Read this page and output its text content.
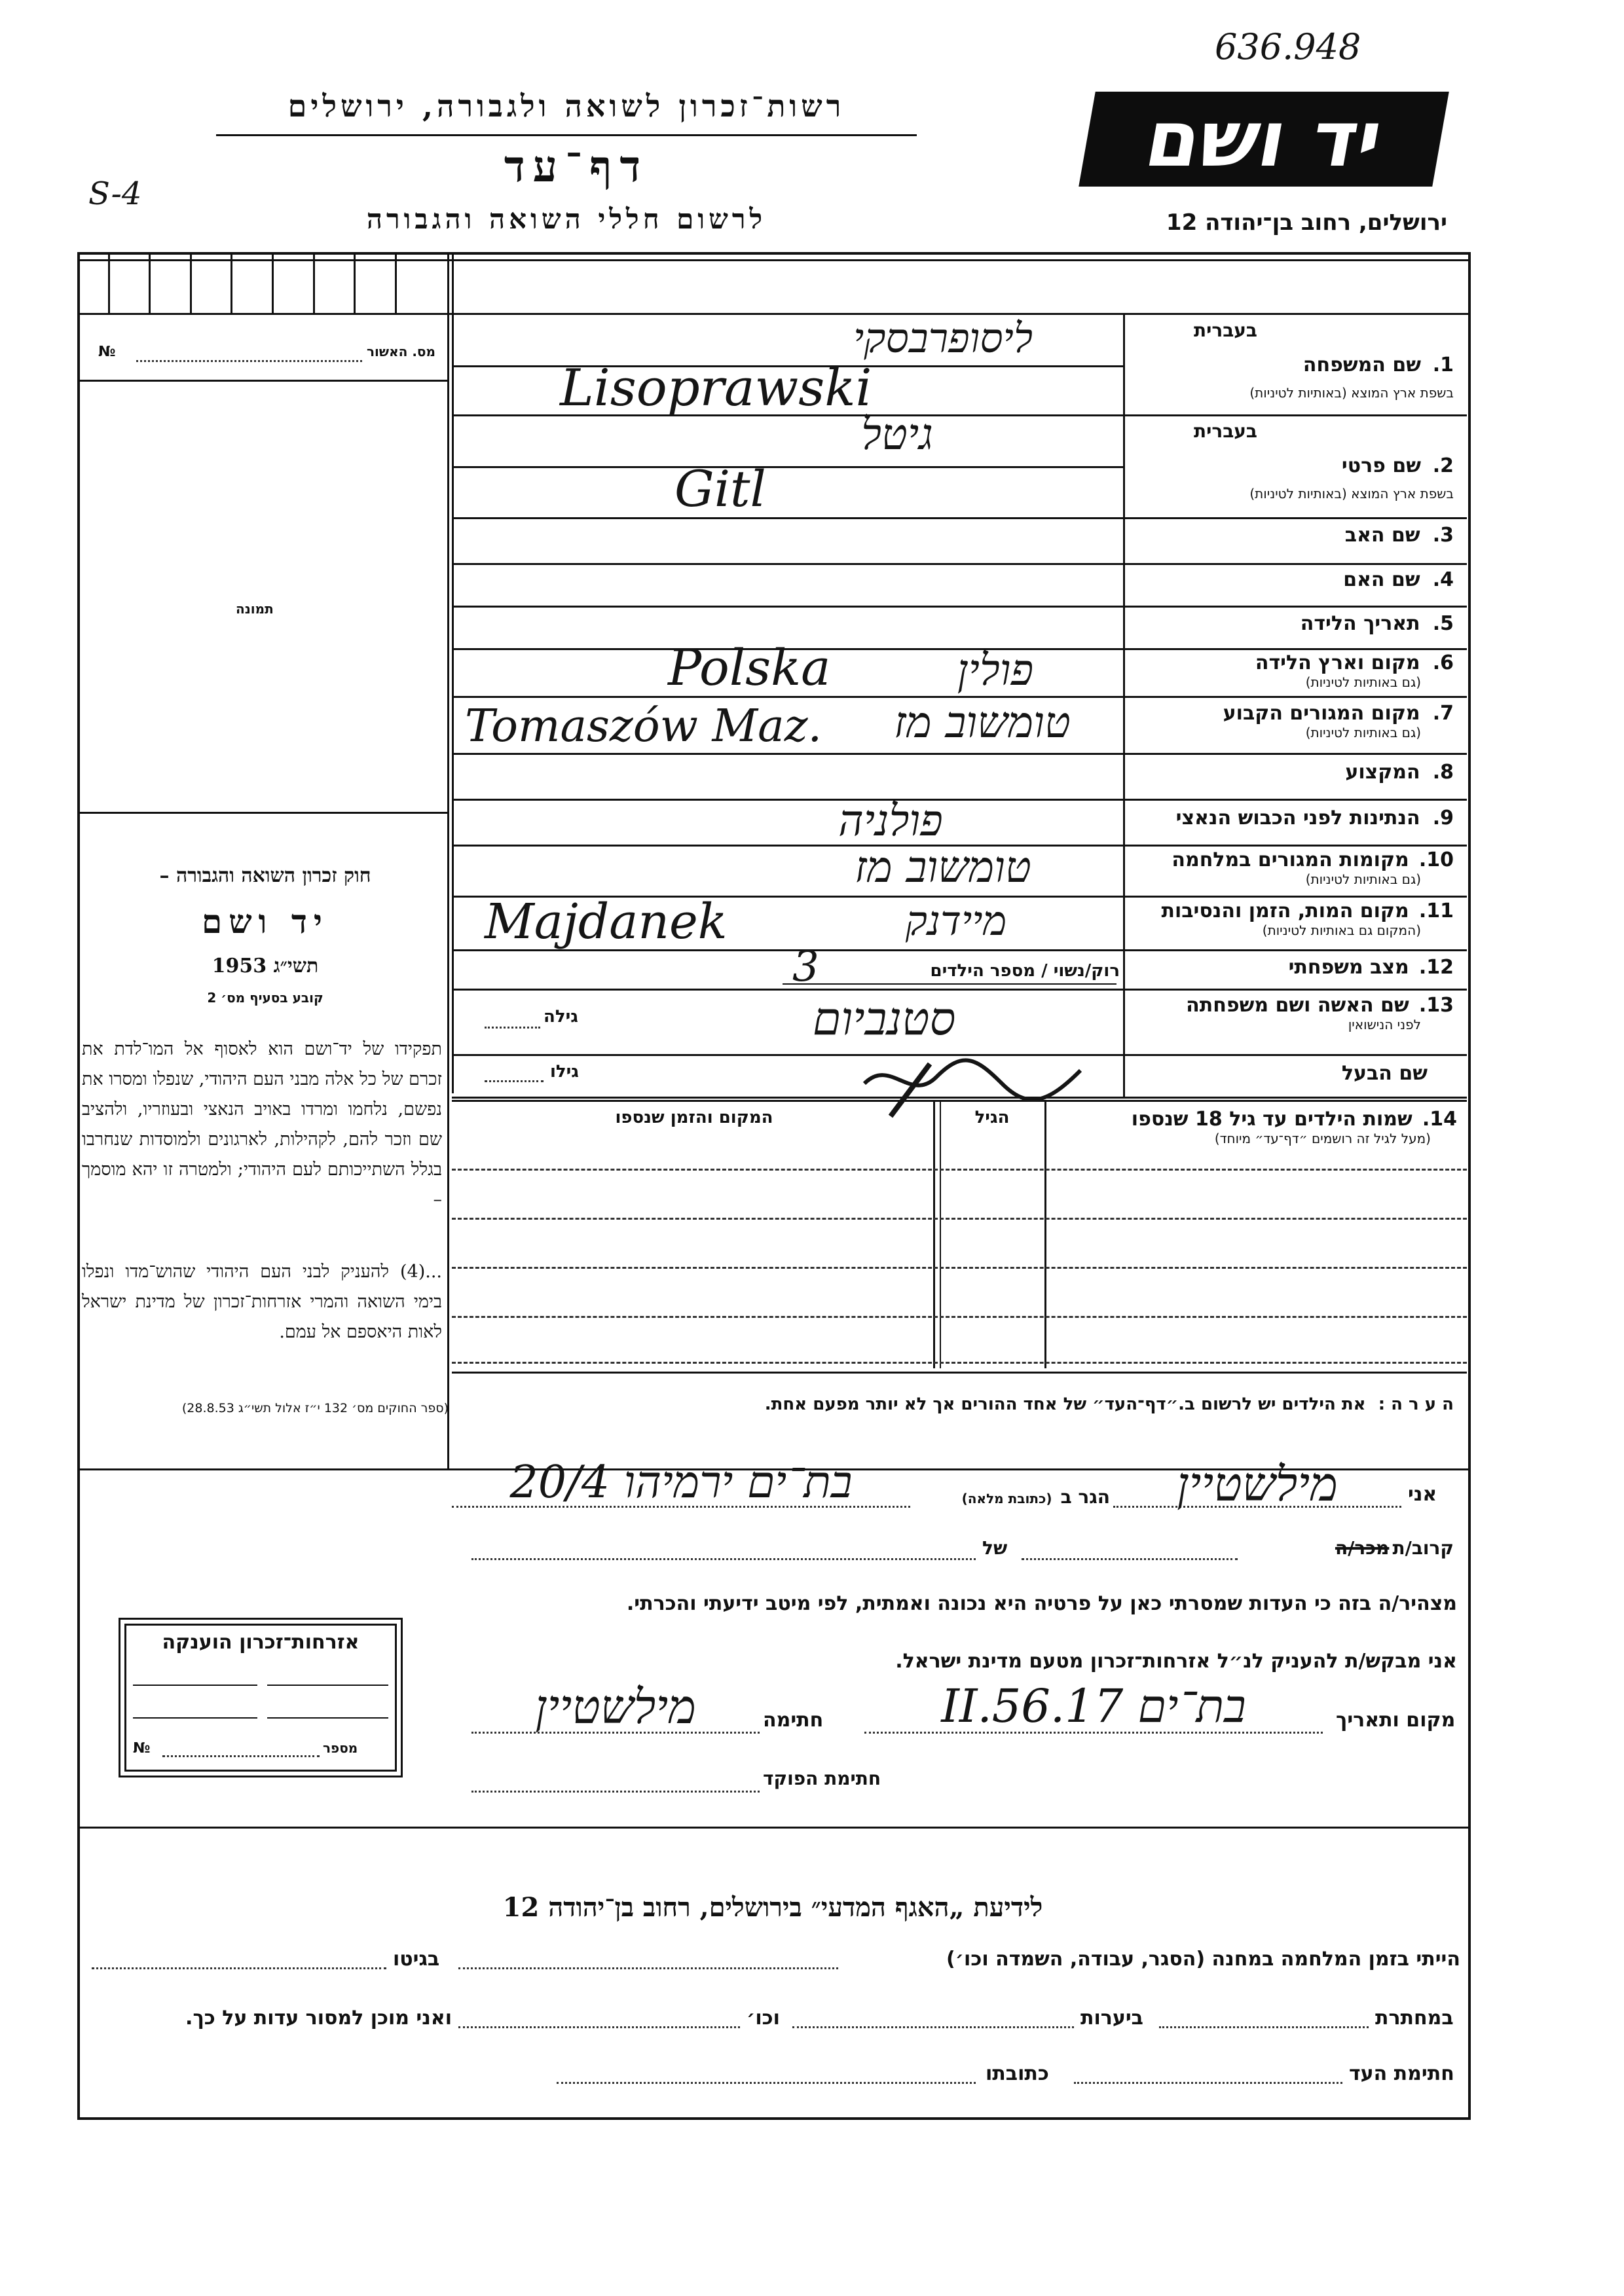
636.948
S-4
יד ושם
רשות־זכרון לשואה ולגבורה, ירושלים
דף־עד
לרשום חללי השואה והגבורה	ירושלים, רחוב בן־יהודה 12
מס. האשור
№
תמונה
חוק זכרון השואה והגבורה –
יד ושם
תשי״ג 1953
קובע בסעיף מס׳ 2
תפקידו של יד־ושם הוא לאסוף אל המו־לדת את זכרם של כל אלה מבני העם היהודי, שנפלו ומסרו את נפשם, נלחמו ומרדו באויב הנאצי ובעוזריו, ולהציב שם וזכר להם, לקהילות, לארגונים ולמוסדות שנחרבו בגלל השתייכותם לעם היהודי; ולמטרה זו יהא מוסמך –
...(4) להעניק לבני העם היהודי שהוש־מדו ונפלו בימי השואה והמרי אזרחות־זכרון של מדינת ישראל לאות היאספם אל עמם.
(ספר החוקים מס׳ 132 י״ז אלול תשי״ג 28.8.53)
בעברית
1.
שם המשפחה
בשפת ארץ המוצא (באותיות לטיניות)
בעברית
2.
שם פרטי
בשפת ארץ המוצא (באותיות לטיניות)
3. שם האב
4. שם האם
5. תאריך הלידה
6. מקום וארץ הלידה
(גם באותיות לטיניות)
7. מקום המגורים הקבוע
(גם באותיות לטיניות)
8. המקצוע
9. הנתינות לפני הכבוש הנאצי
10. מקומות המגורים במלחמה
(גם באותיות לטיניות)
11. מקום המות, הזמן והנסיבות
(המקום גם באותיות לטיניות)
12. מצב משפחתי
13. שם האשה ושם משפחתה
לפני הנישואין
שם הבעל
ליסופרבסקי
Lisoprawski
גיטל
Gitl
פולין
Polska
טומשוב מז
Tomaszów Maz.
פולניה
טומשוב מז
מיידנק
Majdanek
רוק/נשוי / מספר הילדים
3
סטנביום
גילה
גילו
14. שמות הילדים עד גיל 18 שנספו
(מעל לגיל זה רושמים ״דף־עד״ מיוחד)
הגיל
המקום והזמן שנספו
ה ע ר ה : את הילדים יש לרשום ב.״דף־העד״ של אחד ההורים אך לא יותר מפעם אחת.
אני
מילשטיין
הגר ב (כתובת מלאה)
בת־ים ירמיהו 20/4
קרוב/ת מכר/ה
של
מצהיר/ה בזה כי העדות שמסרתי כאן על פרטיה היא נכונה ואמתית, לפי מיטב ידיעתי והכרתי.
אני מבקש/ת להעניק לנ״ל אזרחות־זכרון מטעם מדינת ישראל.
מקום ותאריך
בת־ים 17.II.56
חתימה
מילשטיין
חתימת הפוקד
אזרחות־זכרון הוענקה
№	מספר
לידיעת „האגף המדעי״ בירושלים, רחוב בן־יהודה 12
הייתי בזמן המלחמה במחנה (הסגר, עבודה, השמדה וכו׳)
בגיטו
במחתרת
ביערות
וכו׳
ואני מוכן למסור עדות על כך.
חתימת העד
כתובתו
